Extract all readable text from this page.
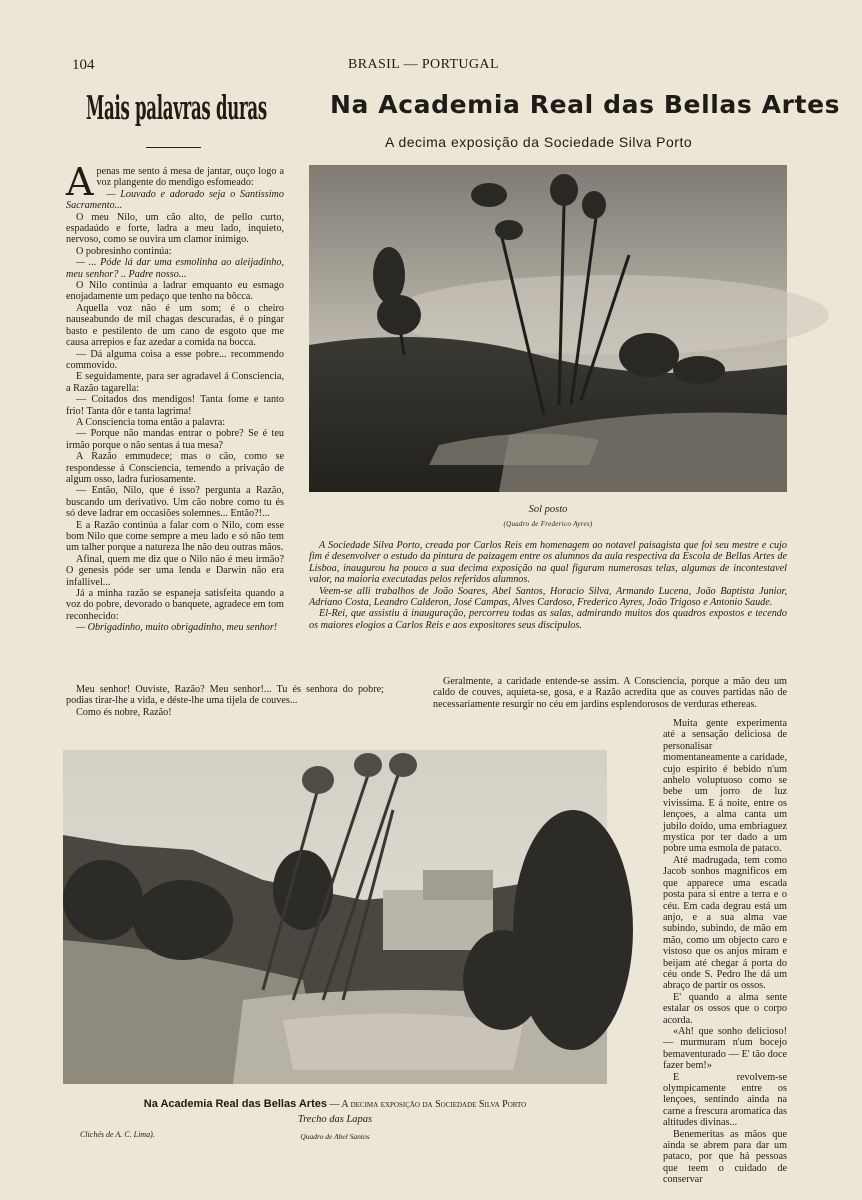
104	BRASIL — PORTUGAL
Mais palavras duras	Na Academia Real das Bellas Artes
A decima exposição da Sociedade Silva Porto
A penas me sento á mesa de jantar, ouço logo a voz plangente do mendigo esfomeado:

— Louvado e adorado seja o Santissimo Sacramento...

O meu Nilo, um cão alto, de pello curto, espadaúdo e forte, ladra a meu lado, inquieto, nervoso, como se ouvira um clamor inimigo.

O pobresinho continúa:

— ... Póde lá dar uma esmolinha ao aleijadinho, meu senhor? .. Padre nosso...

O Nilo continúa a ladrar emquanto eu esmago enojadamente um pedaço que tenho na bôcca.

Aquella voz não é um som; é o cheiro nauseabundo de mil chagas descuradas, é o pingar basto e pestilento de um cano de esgoto que me causa arrepios e faz azedar a comida na bocca.

— Dá alguma coisa a esse pobre... recommendo commovido.

E seguidamente, para ser agradavel á Consciencia, a Razão tagarella:

— Coitados dos mendigos! Tanta fome e tanto frio! Tanta dôr e tanta lagrima!

A Consciencia toma então a palavra:

— Porque não mandas entrar o pobre? Se é teu irmão porque o não sentas á tua mesa?

A Razão emmudece; mas o cão, como se respondesse á Consciencia, temendo a privação de algum osso, ladra furiosamente.

— Então, Nilo, que é isso? pergunta a Razão, buscando um derivativo. Um cão nobre como tu és só deve ladrar em occasiões solemnes... Então?!...

E a Razão continúa a falar com o Nilo, com esse bom Nilo que come sempre a meu lado e só não tem um talher porque a natureza lhe não deu outras mãos.

Afinal, quem me diz que o Nilo não é meu irmão? O genesis póde ser uma lenda e Darwin não era infallivel...

Já a minha razão se espaneja satisfeita quando a voz do pobre, devorado o banquete, agradece em tom reconhecido:

— Obrigadinho, muito obrigadinho, meu senhor!

Meu senhor! Ouviste, Razão? Meu senhor!... Tu és senhora do pobre; podias tirar-lhe a vida, e déste-lhe uma tijela de couves...

Como és nobre, Razão!

Sol posto
(Quadro de Frederico Ayres)

A Sociedade Silva Porto, creada por Carlos Reis em homenagem ao notavel paisagista que foi seu mestre e cujo fim é desenvolver o estudo da pintura de paizagem entre os alumnos da aula respectiva da Escola de Bellas Artes de Lisboa, inaugurou ha pouco a sua decima exposição na qual figuram numerosas telas, algumas de incontestavel valor, na maioria executadas pelos referidos alumnos.

Veem-se alli trabalhos de João Soares, Abel Santos, Horacio Silva, Armando Lucena, João Baptista Junior, Adriano Costa, Leandro Calderon, José Campas, Alves Cardoso, Frederico Ayres, João Trigoso e Antonio Saude.

El-Rei, que assistiu á inauguração, percorreu todas as salas, admirando muitos dos quadros expostos e tecendo os maiores elogios a Carlos Reis e aos expositores seus discipulos.

Geralmente, a caridade entende-se assim. A Consciencia, porque a mão deu um caldo de couves, aquieta-se, gosa, e a Razão acredita que as couves partidas não de necessariamente resurgir no céu em jardins esplendorosos de verduras ethereas.

Muita gente experimenta até a sensação deliciosa de personalisar momentaneamente a caridade, cujo espirito é bebido n'um anhelo voluptuoso como se bebe um jorro de luz vivissima. E á noite, entre os lençoes, a alma canta um jubilo doido, uma embriaguez mystica por ter dado a um pobre uma esmola de pataco.

Até madrugada, tem como Jacob sonhos magnificos em que apparece uma escada posta para si entre a terra e o céu. Em cada degrau está um anjo, e a sua alma vae subindo, subindo, de mão em mão, como um objecto caro e vistoso que os anjos miram e beijam até chegar á porta do céu onde S. Pedro lhe dá um abraço de partir os ossos.

E' quando a alma sente estalar os ossos que o corpo acorda.

«Ah! que sonho delicioso! — murmuram n'um bocejo bemaventurado — E' tão doce fazer bem!»

E revolvem-se olympicamente entre os lençoes, sentindo ainda na carne a frescura aromatica das altitudes divinas...

Benemeritas as mãos que ainda se abrem para dar um pataco, por que há pessoas que teem o cuidado de conservar

Na Academia Real das Bellas Artes — A decima exposição da Sociedade Silva Porto
Trecho das Lapas
Quadro de Abel Santos
Clichés de A. C. Lima).
